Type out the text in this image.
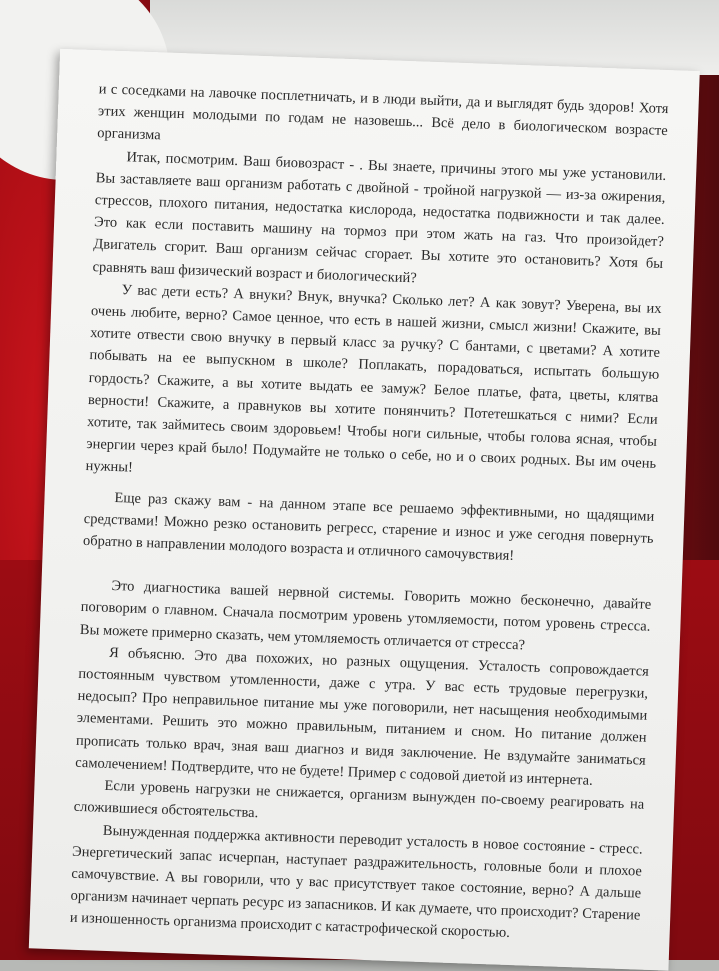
и с соседками на лавочке посплетничать, и в люди выйти, да и выглядят будь здоров! Хотя этих женщин молодыми по годам не назовешь... Всё дело в биологическом возрасте организма

Итак, посмотрим. Ваш биовозраст - . Вы знаете, причины этого мы уже установили. Вы заставляете ваш организм работать с двойной - тройной нагрузкой — из-за ожирения, стрессов, плохого питания, недостатка кислорода, недостатка подвижности и так далее. Это как если поставить машину на тормоз при этом жать на газ. Что произойдет? Двигатель сгорит. Ваш организм сейчас сгорает. Вы хотите это остановить? Хотя бы сравнять ваш физический возраст и биологический?

У вас дети есть? А внуки? Внук, внучка? Сколько лет? А как зовут? Уверена, вы их очень любите, верно? Самое ценное, что есть в нашей жизни, смысл жизни! Скажите, вы хотите отвести свою внучку в первый класс за ручку? С бантами, с цветами? А хотите побывать на ее выпускном в школе? Поплакать, порадоваться, испытать большую гордость? Скажите, а вы хотите выдать ее замуж? Белое платье, фата, цветы, клятва верности! Скажите, а правнуков вы хотите понянчить? Потетешкаться с ними? Если хотите, так займитесь своим здоровьем! Чтобы ноги сильные, чтобы голова ясная, чтобы энергии через край было! Подумайте не только о себе, но и о своих родных. Вы им очень нужны!

Еще раз скажу вам - на данном этапе все решаемо эффективными, но щадящими средствами! Можно резко остановить регресс, старение и износ и уже сегодня повернуть обратно в направлении молодого возраста и отличного самочувствия!

Это диагностика вашей нервной системы. Говорить можно бесконечно, давайте поговорим о главном. Сначала посмотрим уровень утомляемости, потом уровень стресса. Вы можете примерно сказать, чем утомляемость отличается от стресса?

Я объясню. Это два похожих, но разных ощущения. Усталость сопровождается постоянным чувством утомленности, даже с утра. У вас есть трудовые перегрузки, недосып? Про неправильное питание мы уже поговорили, нет насыщения необходимыми элементами. Решить это можно правильным, питанием и сном. Но питание должен прописать только врач, зная ваш диагноз и видя заключение. Не вздумайте заниматься самолечением! Подтвердите, что не будете! Пример с содовой диетой из интернета.

Если уровень нагрузки не снижается, организм вынужден по-своему реагировать на сложившиеся обстоятельства.

Вынужденная поддержка активности переводит усталость в новое состояние - стресс. Энергетический запас исчерпан, наступает раздражительность, головные боли и плохое самочувствие. А вы говорили, что у вас присутствует такое состояние, верно? А дальше организм начинает черпать ресурс из запасников. И как думаете, что происходит? Старение и изношенность организма происходит с катастрофической скоростью.
